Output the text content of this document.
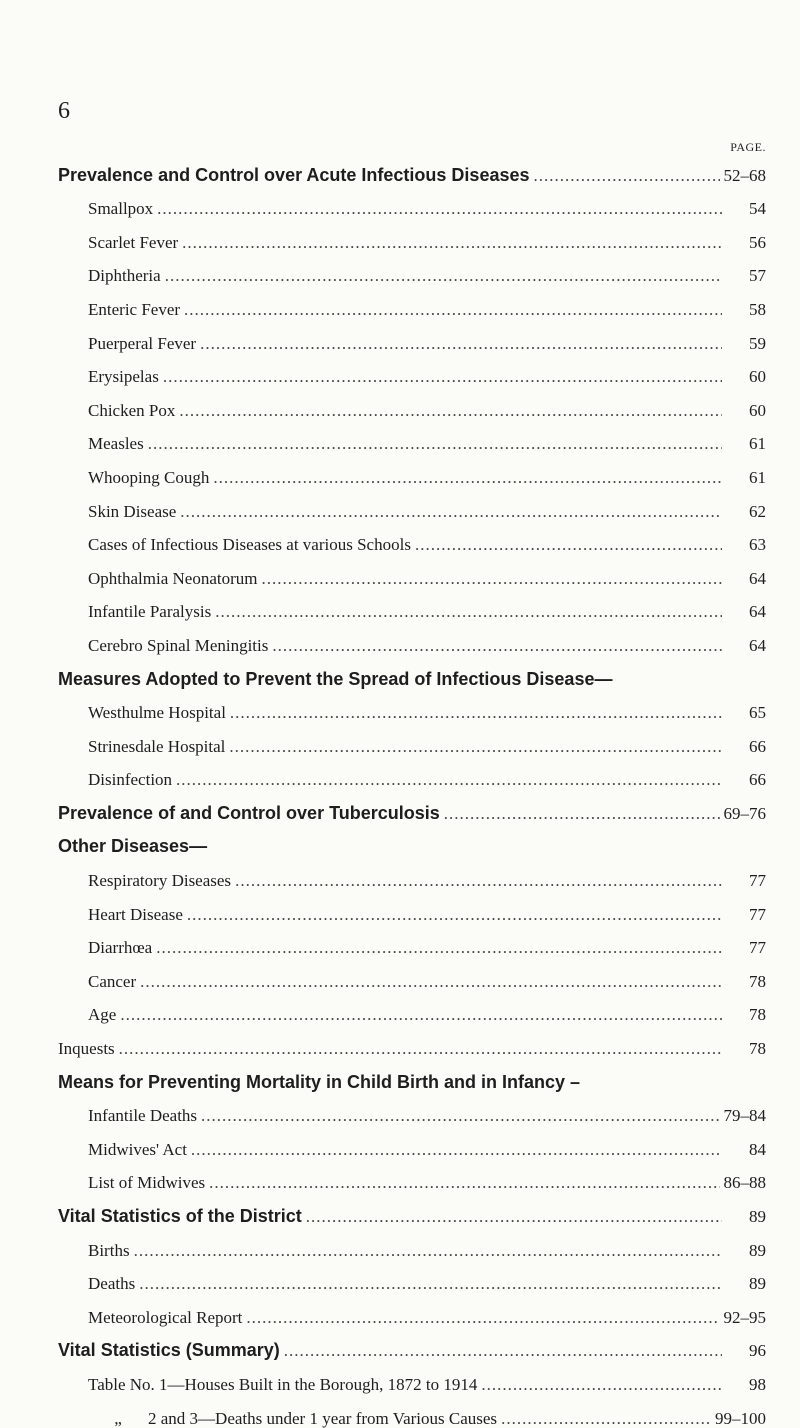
6
PAGE.
Prevalence and Control over Acute Infectious Diseases .....	52–68
Smallpox .....	54
Scarlet Fever .....	56
Diphtheria .....	57
Enteric Fever .....	58
Puerperal Fever .....	59
Erysipelas .....	60
Chicken Pox .....	60
Measles .....	61
Whooping Cough .....	61
Skin Disease .....	62
Cases of Infectious Diseases at various Schools .....	63
Ophthalmia Neonatorum .....	64
Infantile Paralysis .....	64
Cerebro Spinal Meningitis .....	64
Measures Adopted to Prevent the Spread of Infectious Disease—
Westhulme Hospital .....	65
Strinesdale Hospital .....	66
Disinfection .....	66
Prevalence of and Control over Tuberculosis .....	69–76
Other Diseases—
Respiratory Diseases .....	77
Heart Disease .....	77
Diarrhœa .....	77
Cancer .....	78
Age .....	78
Inquests .....	78
Means for Preventing Mortality in Child Birth and in Infancy –
Infantile Deaths .....	79–84
Midwives' Act .....	84
List of Midwives .....	86–88
Vital Statistics of the District .....	89
Births .....	89
Deaths .....	89
Meteorological Report .....	92–95
Vital Statistics (Summary) .....	96
Table No. 1—Houses Built in the Borough, 1872 to 1914 .....	98
„	2 and 3—Deaths under 1 year from Various Causes .....	99–100
